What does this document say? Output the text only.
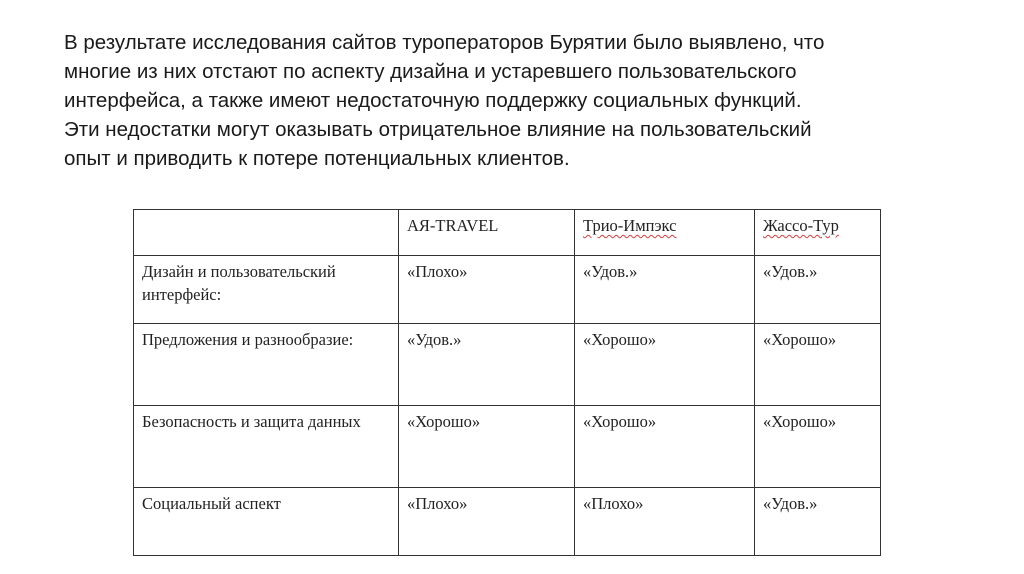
В результате исследования сайтов туроператоров Бурятии было выявлено, что
многие из них отстают по аспекту дизайна и устаревшего пользовательского
интерфейса, а также имеют недостаточную поддержку социальных функций.
Эти недостатки могут оказывать отрицательное влияние на пользовательский
опыт и приводить к потере потенциальных клиентов.

	АЯ-TRAVEL	Трио-Импэкс	Жассо-Тур

Дизайн и пользовательский интерфейс:	«Плохо»	«Удов.»	«Удов.»

Предложения и разнообразие:	«Удов.»	«Хорошо»	«Хорошо»

Безопасность и защита данных	«Хорошо»	«Хорошо»	«Хорошо»

Социальный аспект	«Плохо»	«Плохо»	«Удов.»
